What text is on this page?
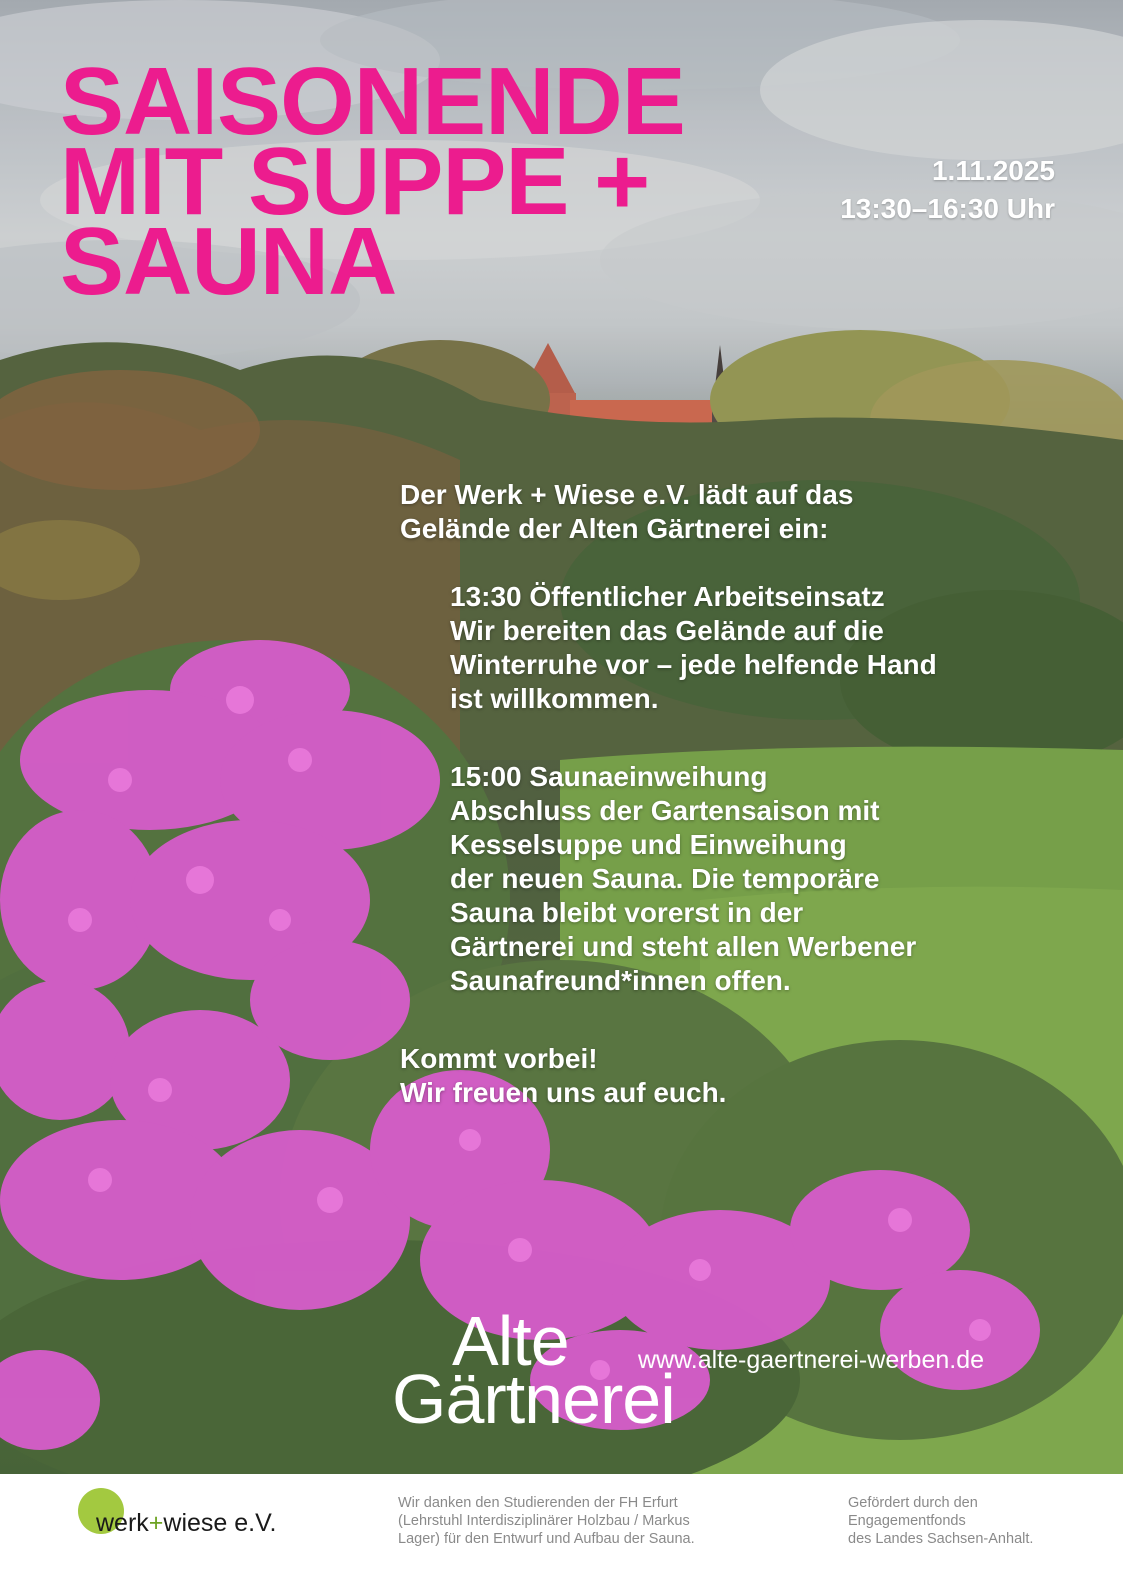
SAISONENDE
MIT SUPPE +
SAUNA
1.11.2025
13:30–16:30 Uhr
Der Werk + Wiese e.V. lädt auf das
Gelände der Alten Gärtnerei ein:
13:30 Öffentlicher Arbeitseinsatz
Wir bereiten das Gelände auf die
Winterruhe vor – jede helfende Hand
ist willkommen.
15:00 Saunaeinweihung
Abschluss der Gartensaison mit
Kesselsuppe und Einweihung
der neuen Sauna. Die temporäre
Sauna bleibt vorerst in der
Gärtnerei und steht allen Werbener
Saunafreund*innen offen.
Kommt vorbei!
Wir freuen uns auf euch.
Alte
Gärtnerei
www.alte-gaertnerei-werben.de
werk+wiese e.V.
Wir danken den Studierenden der FH Erfurt
(Lehrstuhl Interdisziplinärer Holzbau / Markus
Lager) für den Entwurf und Aufbau der Sauna.
Gefördert durch den
Engagementfonds
des Landes Sachsen-Anhalt.
